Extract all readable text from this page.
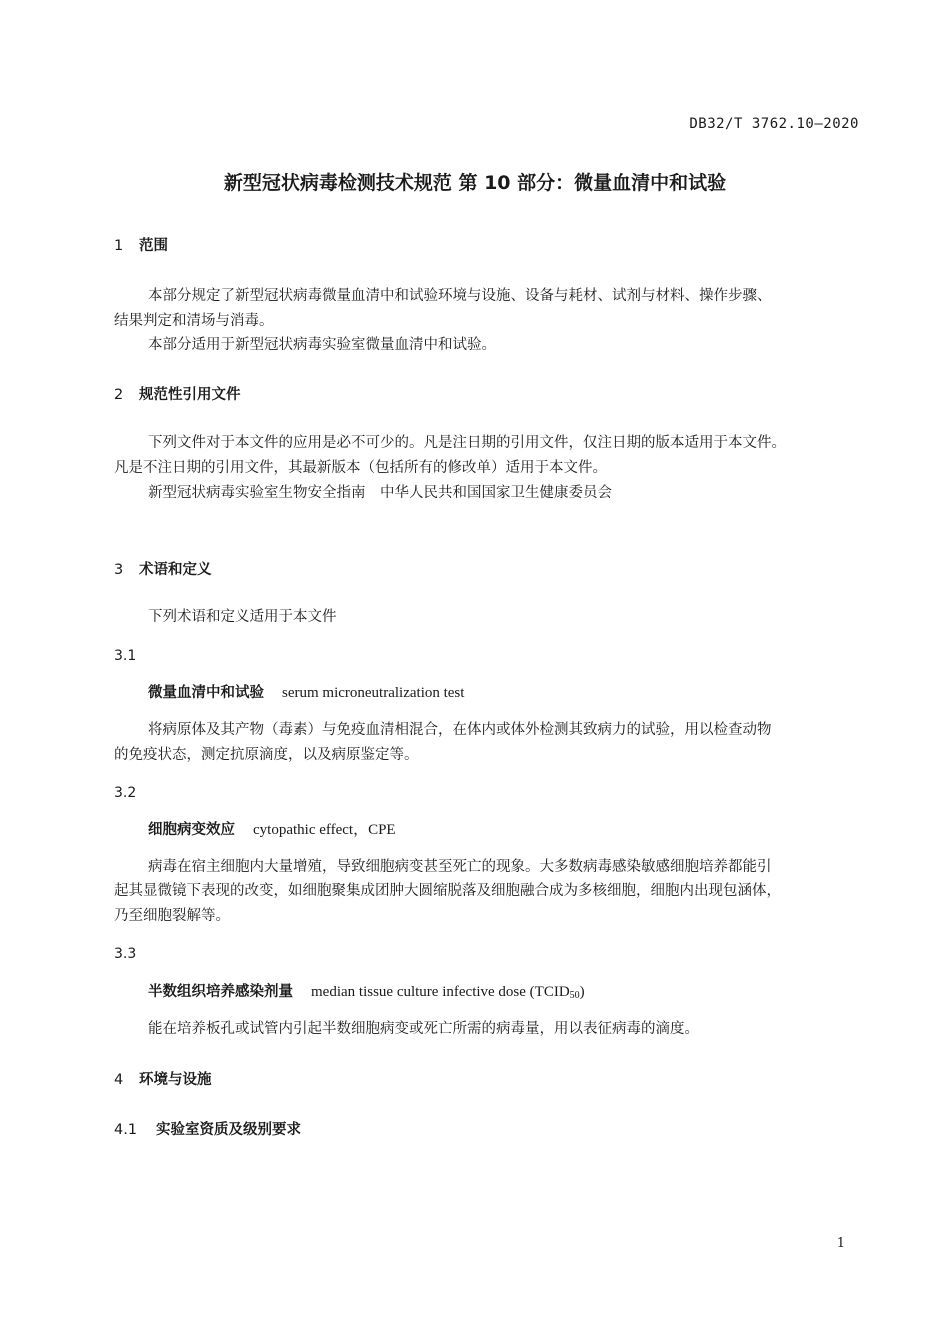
DB32/T 3762.10—2020
新型冠状病毒检测技术规范 第 10 部分：微量血清中和试验
1 范围
本部分规定了新型冠状病毒微量血清中和试验环境与设施、设备与耗材、试剂与材料、操作步骤、
结果判定和清场与消毒。
本部分适用于新型冠状病毒实验室微量血清中和试验。
2 规范性引用文件
下列文件对于本文件的应用是必不可少的。凡是注日期的引用文件，仅注日期的版本适用于本文件。
凡是不注日期的引用文件，其最新版本（包括所有的修改单）适用于本文件。
新型冠状病毒实验室生物安全指南　中华人民共和国国家卫生健康委员会
3 术语和定义
下列术语和定义适用于本文件
3.1
微量血清中和试验 serum microneutralization test
将病原体及其产物（毒素）与免疫血清相混合，在体内或体外检测其致病力的试验，用以检查动物
的免疫状态，测定抗原滴度，以及病原鉴定等。
3.2
细胞病变效应 cytopathic effect，CPE
病毒在宿主细胞内大量增殖，导致细胞病变甚至死亡的现象。大多数病毒感染敏感细胞培养都能引
起其显微镜下表现的改变，如细胞聚集成团肿大圆缩脱落及细胞融合成为多核细胞，细胞内出现包涵体，
乃至细胞裂解等。
3.3
半数组织培养感染剂量 median tissue culture infective dose $(TCID_{50})$
能在培养板孔或试管内引起半数细胞病变或死亡所需的病毒量，用以表征病毒的滴度。
4 环境与设施
4.1 实验室资质及级别要求
1
